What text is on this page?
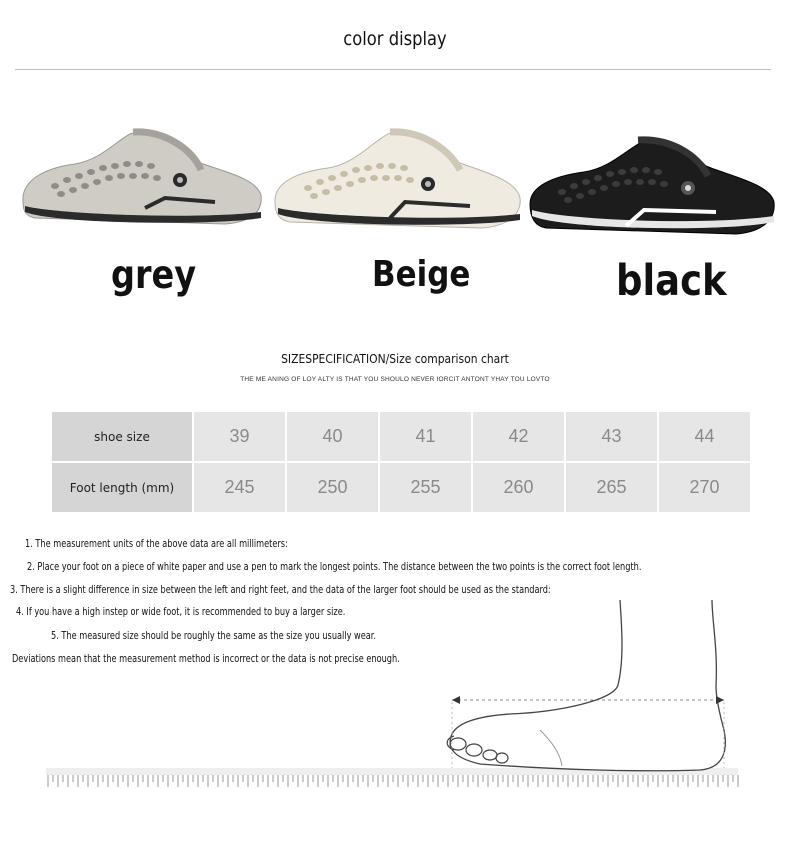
color display
grey	Beige	black
SIZESPECIFICATION/Size comparison chart
THE ME ANING OF LOY ALTY IS THAT YOU SHOULO NEVER IORCIT ANTONT YHAY TOU LOVTO
shoe size	39	40	41	42	43	44
Foot length (mm)	245	250	255	260	265	270
1. The measurement units of the above data are all millimeters:
2. Place your foot on a piece of white paper and use a pen to mark the longest points. The distance between the two points is the correct foot length.
3. There is a slight difference in size between the left and right feet, and the data of the larger foot should be used as the standard:
4. If you have a high instep or wide foot, it is recommended to buy a larger size.
5. The measured size should be roughly the same as the size you usually wear.
Deviations mean that the measurement method is incorrect or the data is not precise enough.
